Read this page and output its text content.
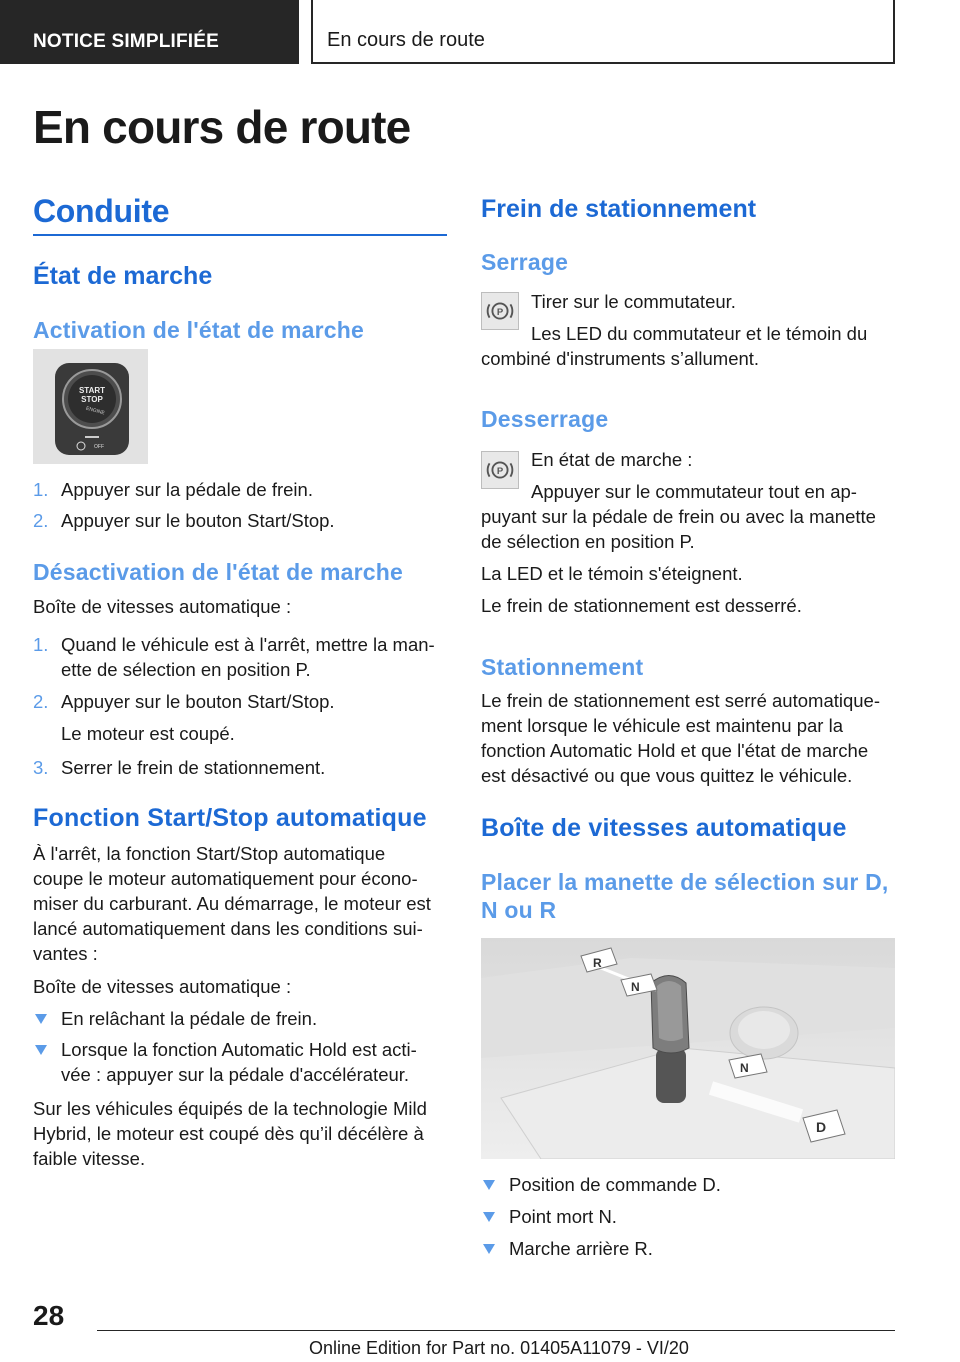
NOTICE SIMPLIFIÉE	En cours de route
En cours de route
Conduite
État de marche
Activation de l'état de marche
START
STOP
ENGINE
OFF
1. Appuyer sur la pédale de frein.
2. Appuyer sur le bouton Start/Stop.
Désactivation de l'état de marche
Boîte de vitesses automatique :
1. Quand le véhicule est à l'arrêt, mettre la man‐
ette de sélection en position P.
2. Appuyer sur le bouton Start/Stop.
Le moteur est coupé.
3. Serrer le frein de stationnement.
Fonction Start/Stop automatique
À l'arrêt, la fonction Start/Stop automatique
coupe le moteur automatiquement pour écono‐
miser du carburant. Au démarrage, le moteur est
lancé automatiquement dans les conditions sui‐
vantes :
Boîte de vitesses automatique :
En relâchant la pédale de frein.
Lorsque la fonction Automatic Hold est acti‐
vée : appuyer sur la pédale d'accélérateur.
Sur les véhicules équipés de la technologie Mild
Hybrid, le moteur est coupé dès qu’il décélère à
faible vitesse.
Frein de stationnement
Serrage
P
Tirer sur le commutateur.
Les LED du commutateur et le témoin du
combiné d'instruments s’allument.
Desserrage
P
En état de marche :
Appuyer sur le commutateur tout en ap‐
puyant sur la pédale de frein ou avec la manette
de sélection en position P.
La LED et le témoin s'éteignent.
Le frein de stationnement est desserré.
Stationnement
Le frein de stationnement est serré automatique‐
ment lorsque le véhicule est maintenu par la
fonction Automatic Hold et que l'état de marche
est désactivé ou que vous quittez le véhicule.
Boîte de vitesses automatique
Placer la manette de sélection sur D,
N ou R
R
N
N
D
Position de commande D.
Point mort N.
Marche arrière R.
28
Online Edition for Part no. 01405A11079 - VI/20
